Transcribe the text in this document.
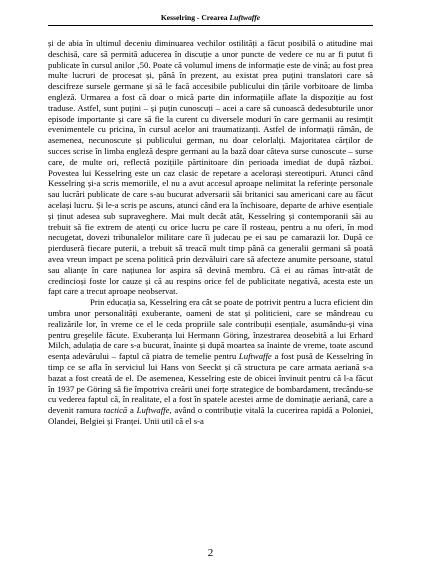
Kesselring - Crearea Luftwaffe

și de abia în ultimul deceniu diminuarea vechilor ostilități a făcut posibilă o atitudine mai deschisă, care să permită aducerea în discuție a unor puncte de vedere ce nu ar fi putut fi publicate în cursul anilor ‚50. Poate că volumul imens de informație este de vină; au fost prea multe lucruri de procesat și, până în prezent, au existat prea puțini translatori care să descifreze sursele germane și să le facă accesibile publicului din țările vorbitoare de limba engleză. Urmarea a fost că doar o mică parte din informațiile aflate la dispoziție au fost traduse. Astfel, sunt puțini – și puțin cunoscuți – acei a care să cunoască dedesubturile unor episode importante și care să fie la curent cu diversele moduri în care germanii au resimțit evenimentele cu pricina, în cursul acelor ani traumatizanți. Astfel de informații rămân, de asemenea, necunoscute și publicului german, nu doar celorlalți. Majoritatea cărților de succes scrise în limba engleză despre germani au la bază doar câteva surse cunoscute – surse care, de multe ori, reflectă pozițiile părtinitoare din perioada imediat de după război. Povestea lui Kesselring este un caz clasic de repetare a acelorași stereotipuri. Atunci când Kesselring și-a scris memoriile, el nu a avut accesul aproape nelimitat la referințe personale sau lucrări publicate de care s-au bucurat adversarii săi britanici sau americani care au făcut același lucru. Și le-a scris pe ascuns, atunci când era la închisoare, departe de arhive esențiale și ținut adesea sub supraveghere. Mai mult decât atât, Kesselring și contemporanii săi au trebuit să fie extrem de atenți cu orice lucru pe care îl rosteau, pentru a nu oferi, în mod necugetat, dovezi tribunalelor militare care îi judecau pe ei sau pe camarazii lor. După ce pierduseră fiecare puterii, a trebuit să treacă mult timp până ca generalii germani să poată avea vreun impact pe scena politică prin dezvăluiri care să afecteze anumite persoane, statul sau alianțe în care națiunea lor aspira să devină membru. Că ei au rămas într-atât de credincioși foste lor cauze și că au respins orice fel de publicitate negativă, acesta este un fapt care a trecut aproape neobservat.

Prin educația sa, Kesselring era cât se poate de potrivit pentru a lucra eficient din umbra unor personalități exuberante, oameni de stat și politicieni, care se mândreau cu realizările lor, în vreme ce el le ceda propriile sale contribuții esențiale, asumându-și vina pentru greșelile făcute. Exuberanța lui Hermann Göring, înzestrarea deosebită a lui Erhard Milch, adulația de care s-a bucurat, înainte și după moartea sa înainte de vreme, toate ascund esența adevărului – faptul că piatra de temelie pentru Luftwaffe a fost pusă de Kesselring în timp ce se afla în serviciul lui Hans von Seeckt și că structura pe care armata aeriană s-a bazat a fost creată de el. De asemenea, Kesselring este de obicei învinuit pentru că l-a făcut în 1937 pe Göring să fie împotriva creării unei forțe strategice de bombardament, trecându-se cu vederea faptul că, în realitate, el a fost în spatele acestei arme de dominație aeriană, care a devenit ramura tactică a Luftwaffe, având o contribuție vitală la cucerirea rapidă a Poloniei, Olandei, Belgiei și Franței. Unii util că el s-a

2
